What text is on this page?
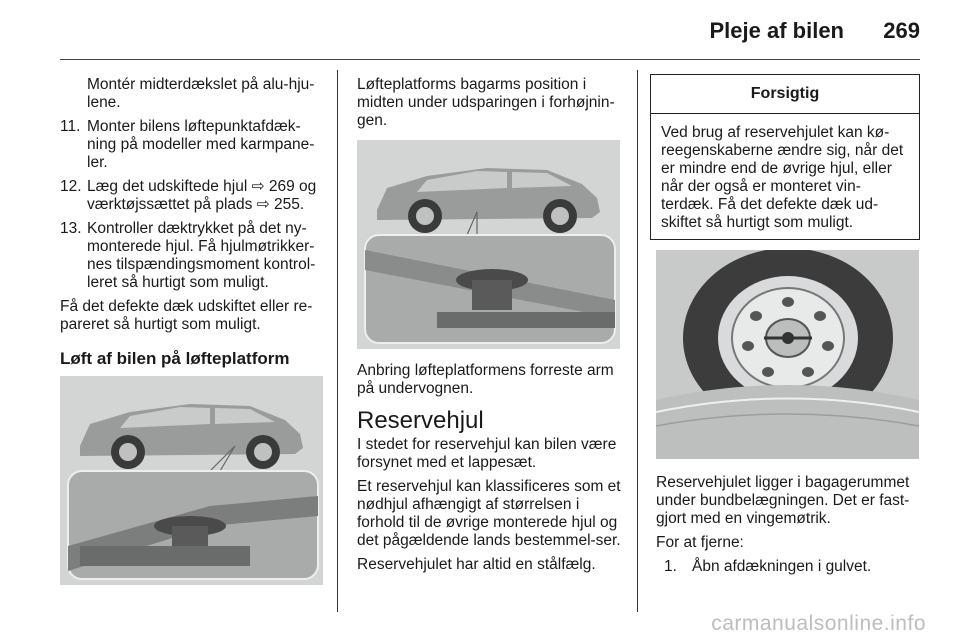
Pleje af bilen 269

Montér midterdækslet på alu-hju-lene.

11. Monter bilens løftepunktafdæk-ning på modeller med karmpane-ler.
12. Læg det udskiftede hjul ⇨ 269 og værktøjssættet på plads ⇨ 255.
13. Kontroller dæktrykket på det ny-monterede hjul. Få hjulmøtrikker-nes tilspændingsmoment kontrol-leret så hurtigt som muligt.

Få det defekte dæk udskiftet eller re-pareret så hurtigt som muligt.

Løft af bilen på løfteplatform

Løfteplatforms bagarms position i midten under udsparingen i forhøjnin-gen.

Anbring løfteplatformens forreste arm på undervognen.

Reservehjul

I stedet for reservehjul kan bilen være forsynet med et lappesæt.

Et reservehjul kan klassificeres som et nødhjul afhængigt af størrelsen i forhold til de øvrige monterede hjul og det pågældende lands bestemmel-ser.

Reservehjulet har altid en stålfælg.

Forsigtig
Ved brug af reservehjulet kan kø-reegenskaberne ændre sig, når det er mindre end de øvrige hjul, eller når der også er monteret vin-terdæk. Få det defekte dæk ud-skiftet så hurtigt som muligt.

Reservehjulet ligger i bagagerummet under bundbelægningen. Det er fast-gjort med en vingemøtrik.

For at fjerne:

1. Åbn afdækningen i gulvet.
carmanualsonline.info
